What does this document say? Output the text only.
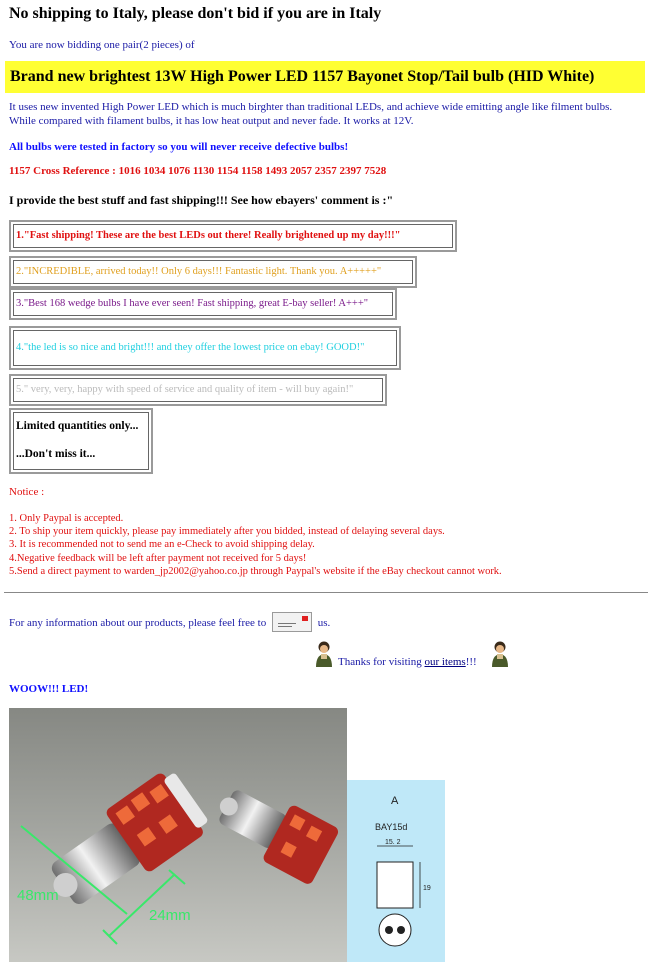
No shipping to Italy, please don't bid if you are in Italy
You are now bidding one pair(2 pieces) of
Brand new brightest 13W High Power LED 1157 Bayonet Stop/Tail bulb (HID White)
It uses new invented High Power LED which is much birghter than traditional LEDs, and achieve wide emitting angle like filment bulbs. While compared with filament bulbs, it has low heat output and never fade. It works at 12V.
All bulbs were tested in factory so you will never receive defective bulbs!
1157 Cross Reference : 1016 1034 1076 1130 1154 1158 1493 2057 2357 2397 7528
I provide the best stuff and fast shipping!!! See how ebayers' comment is :"
1."Fast shipping! These are the best LEDs out there! Really brightened up my day!!!"
2."INCREDIBLE, arrived today!! Only 6 days!!! Fantastic light. Thank you. A+++++"
3."Best 168 wedge bulbs I have ever seen! Fast shipping, great E-bay seller! A+++"
4."the led is so nice and bright!!! and they offer the lowest price on ebay! GOOD!"
5." very, very, happy with speed of service and quality of item - will buy again!"
Limited quantities only...
...Don't miss it...
Notice :
1. Only Paypal is accepted.
2. To ship your item quickly, please pay immediately after you bidded, instead of delaying several days.
3. It is recommended not to send me an e-Check to avoid shipping delay.
4.Negative feedback will be left after payment not received for 5 days!
5.Send a direct payment to warden_jp2002@yahoo.co.jp through Paypal's website if the eBay checkout cannot work.
For any information about our products, please feel free to	us.
Thanks for visiting our items!!!
WOOW!!! LED!
48mm
24mm
A
BAY15d
15. 2
19
